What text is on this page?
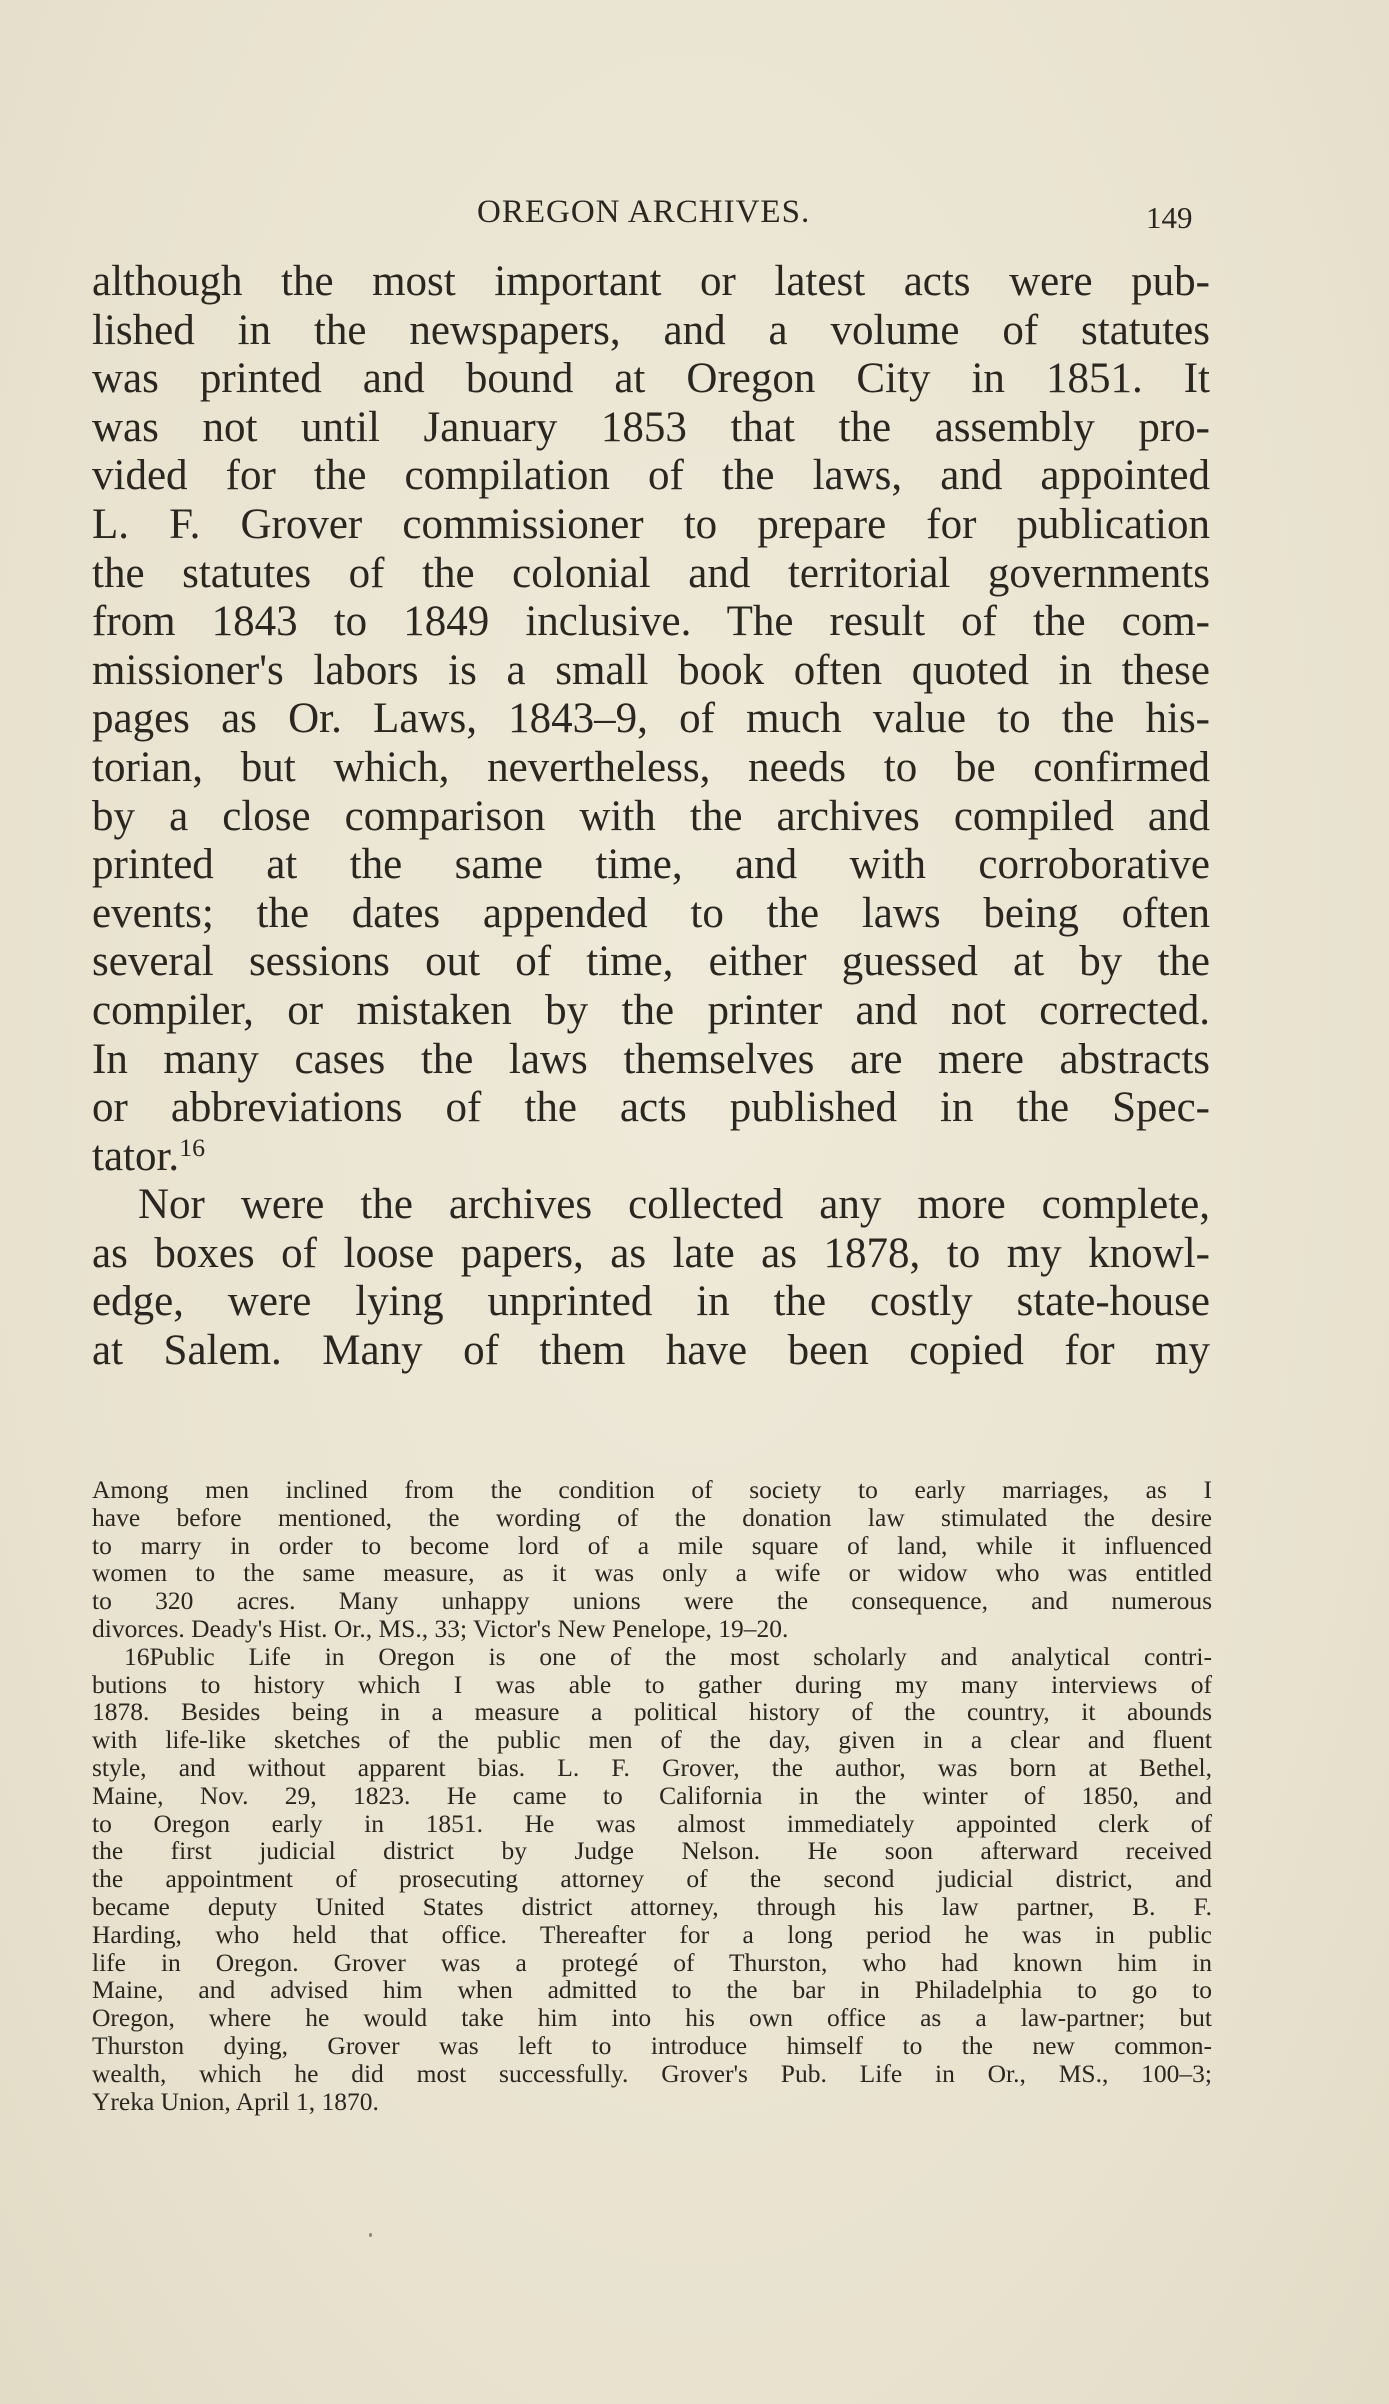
OREGON ARCHIVES.	149
although the most important or latest acts were pub-
lished in the newspapers, and a volume of statutes
was printed and bound at Oregon City in 1851. It
was not until January 1853 that the assembly pro-
vided for the compilation of the laws, and appointed
L. F. Grover commissioner to prepare for publication
the statutes of the colonial and territorial governments
from 1843 to 1849 inclusive. The result of the com-
missioner's labors is a small book often quoted in these
pages as Or. Laws, 1843–9, of much value to the his-
torian, but which, nevertheless, needs to be confirmed
by a close comparison with the archives compiled and
printed at the same time, and with corroborative
events; the dates appended to the laws being often
several sessions out of time, either guessed at by the
compiler, or mistaken by the printer and not corrected.
In many cases the laws themselves are mere abstracts
or abbreviations of the acts published in the Spec-
tator.$^{16}$
Nor were the archives collected any more complete,
as boxes of loose papers, as late as 1878, to my knowl-
edge, were lying unprinted in the costly state-house
at Salem. Many of them have been copied for my
Among men inclined from the condition of society to early marriages, as I
have before mentioned, the wording of the donation law stimulated the desire
to marry in order to become lord of a mile square of land, while it influenced
women to the same measure, as it was only a wife or widow who was entitled
to 320 acres. Many unhappy unions were the consequence, and numerous
divorces. Deady's Hist. Or., MS., 33; Victor's New Penelope, 19–20.
16Public Life in Oregon is one of the most scholarly and analytical contri-
butions to history which I was able to gather during my many interviews of
1878. Besides being in a measure a political history of the country, it abounds
with life-like sketches of the public men of the day, given in a clear and fluent
style, and without apparent bias. L. F. Grover, the author, was born at Bethel,
Maine, Nov. 29, 1823. He came to California in the winter of 1850, and
to Oregon early in 1851. He was almost immediately appointed clerk of
the first judicial district by Judge Nelson. He soon afterward received
the appointment of prosecuting attorney of the second judicial district, and
became deputy United States district attorney, through his law partner, B. F.
Harding, who held that office. Thereafter for a long period he was in public
life in Oregon. Grover was a protegé of Thurston, who had known him in
Maine, and advised him when admitted to the bar in Philadelphia to go to
Oregon, where he would take him into his own office as a law-partner; but
Thurston dying, Grover was left to introduce himself to the new common-
wealth, which he did most successfully. Grover's Pub. Life in Or., MS., 100–3;
Yreka Union, April 1, 1870.
